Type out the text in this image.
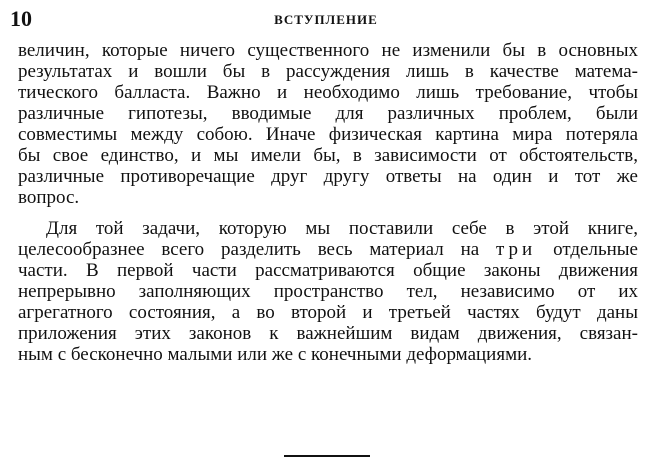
10	ВСТУПЛЕНИЕ
величин, которые ничего существенного не изменили бы в основных
результатах и вошли бы в рассуждения лишь в качестве матема-
тического балласта. Важно и необходимо лишь требование, чтобы
различные гипотезы, вводимые для различных проблем, были
совместимы между собою. Иначе физическая картина мира потеряла
бы свое единство, и мы имели бы, в зависимости от обстоятельств,
различные противоречащие друг другу ответы на один и тот же
вопрос.
Для той задачи, которую мы поставили себе в этой книге,
целесообразнее всего разделить весь материал на три отдельные
части. В первой части рассматриваются общие законы движения
непрерывно заполняющих пространство тел, независимо от их
агрегатного состояния, а во второй и третьей частях будут даны
приложения этих законов к важнейшим видам движения, связан-
ным с бесконечно малыми или же с конечными деформациями.
